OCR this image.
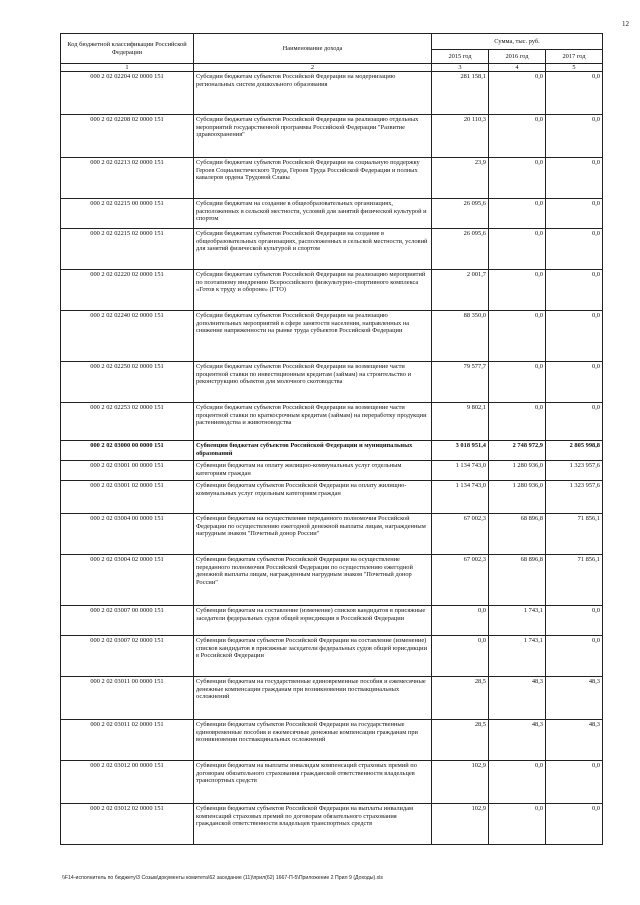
12
Код бюджетной классификации Российской Федерации	Наименование дохода	Сумма, тыс. руб.		
		2015 год	2016 год	2017 год
1	2	3	4	5
000 2 02 02204 02 0000 151	Субсидии бюджетам субъектов Российской Федерации на модернизацию региональных систем дошкольного образования	281 158,1	0,0	0,0
000 2 02 02208 02 0000 151	Субсидии бюджетам субъектов Российской Федерации на реализацию отдельных мероприятий государственной программы Российской Федерации "Развитие здравоохранения"	20 110,3	0,0	0,0
000 2 02 02213 02 0000 151	Субсидии бюджетам субъектов Российской Федерации на социальную поддержку Героев Социалистического Труда, Героев Труда Российской Федерации и полных кавалеров ордена Трудовой Славы	23,9	0,0	0,0
000 2 02 02215 00 0000 151	Субсидии бюджетам на создание в общеобразовательных организациях, расположенных в сельской местности, условий для занятий физической культурой и спортом	26 095,6	0,0	0,0
000 2 02 02215 02 0000 151	Субсидии бюджетам субъектов Российской Федерации на создание в общеобразовательных организациях, расположенных в сельской местности, условий для занятий физической культурой и спортом	26 095,6	0,0	0,0
000 2 02 02220 02 0000 151	Субсидии бюджетам субъектов Российской Федерации на реализацию мероприятий по поэтапному внедрению Всероссийского физкультурно-спортивного комплекса «Готов к труду и обороне» (ГТО)	2 001,7	0,0	0,0
000 2 02 02240 02 0000 151	Субсидии бюджетам субъектов Российской Федерации на реализацию дополнительных мероприятий в сфере занятости населения, направленных на снижение напряженности на рынке труда субъектов Российской Федерации	88 350,0	0,0	0,0
000 2 02 02250 02 0000 151	Субсидии бюджетам субъектов Российской Федерации на возмещение части процентной ставки по инвестиционным кредитам (займам) на строительство и реконструкцию объектов для молочного скотоводства	79 577,7	0,0	0,0
000 2 02 02253 02 0000 151	Субсидии бюджетам субъектов Российской Федерации на возмещение части процентной ставки по краткосрочным кредитам (займам) на переработку продукции растениеводства и животноводства	9 802,1	0,0	0,0
000 2 02 03000 00 0000 151	Субвенции бюджетам субъектов Российской Федерации и муниципальных образований	3 018 951,4	2 748 972,9	2 805 998,8
000 2 02 03001 00 0000 151	Субвенции бюджетам на оплату жилищно-коммунальных услуг отдельным категориям граждан	1 134 743,0	1 280 936,0	1 323 957,6
000 2 02 03001 02 0000 151	Субвенции бюджетам субъектов Российской Федерации на оплату жилищно-коммунальных услуг отдельным категориям граждан	1 134 743,0	1 280 936,0	1 323 957,6
000 2 02 03004 00 0000 151	Субвенции бюджетам на осуществление переданного полномочия Российской Федерации по осуществлению ежегодной денежной выплаты лицам, награжденным нагрудным знаком "Почетный донор России"	67 002,3	68 896,8	71 856,1
000 2 02 03004 02 0000 151	Субвенции бюджетам субъектов Российской Федерации на осуществление переданного полномочия Российской Федерации по осуществлению ежегодной денежной выплаты лицам, награжденным нагрудным знаком "Почетный донор России"	67 002,3	68 896,8	71 856,1
000 2 02 03007 00 0000 151	Субвенции бюджетам на составление (изменение) списков кандидатов в присяжные заседатели федеральных судов общей юрисдикции в Российской Федерации	0,0	1 743,1	0,0
000 2 02 03007 02 0000 151	Субвенции бюджетам субъектов Российской Федерации на составление (изменение) списков кандидатов в присяжные заседатели федеральных судов общей юрисдикции в Российской Федерации	0,0	1 743,1	0,0
000 2 02 03011 00 0000 151	Субвенции бюджетам на государственные единовременные пособия и ежемесячные денежные компенсации гражданам при возникновении поствакцинальных осложнений	28,5	48,3	48,3
000 2 02 03011 02 0000 151	Субвенции бюджетам субъектов Российской Федерации на государственные единовременные пособия и ежемесячные денежные компенсации гражданам при возникновении поствакцинальных осложнений	28,5	48,3	48,3
000 2 02 03012 00 0000 151	Субвенции бюджетам на выплаты инвалидам компенсаций страховых премий по договорам обязательного страхования гражданской ответственности владельцев транспортных средств	102,9	0,0	0,0
000 2 02 03012 02 0000 151	Субвенции бюджетам субъектов Российской Федерации на выплаты инвалидам компенсаций страховых премий по договорам обязательного страхования гражданской ответственности владельцев транспортных средств	102,9	0,0	0,0
\\F14-исполнитель по бюджету\3 Созыв\документы комитета\62 заседание (11)\прил(62) 1667-П-5\Приложение 2 Прил 9 (Доходы).xls
